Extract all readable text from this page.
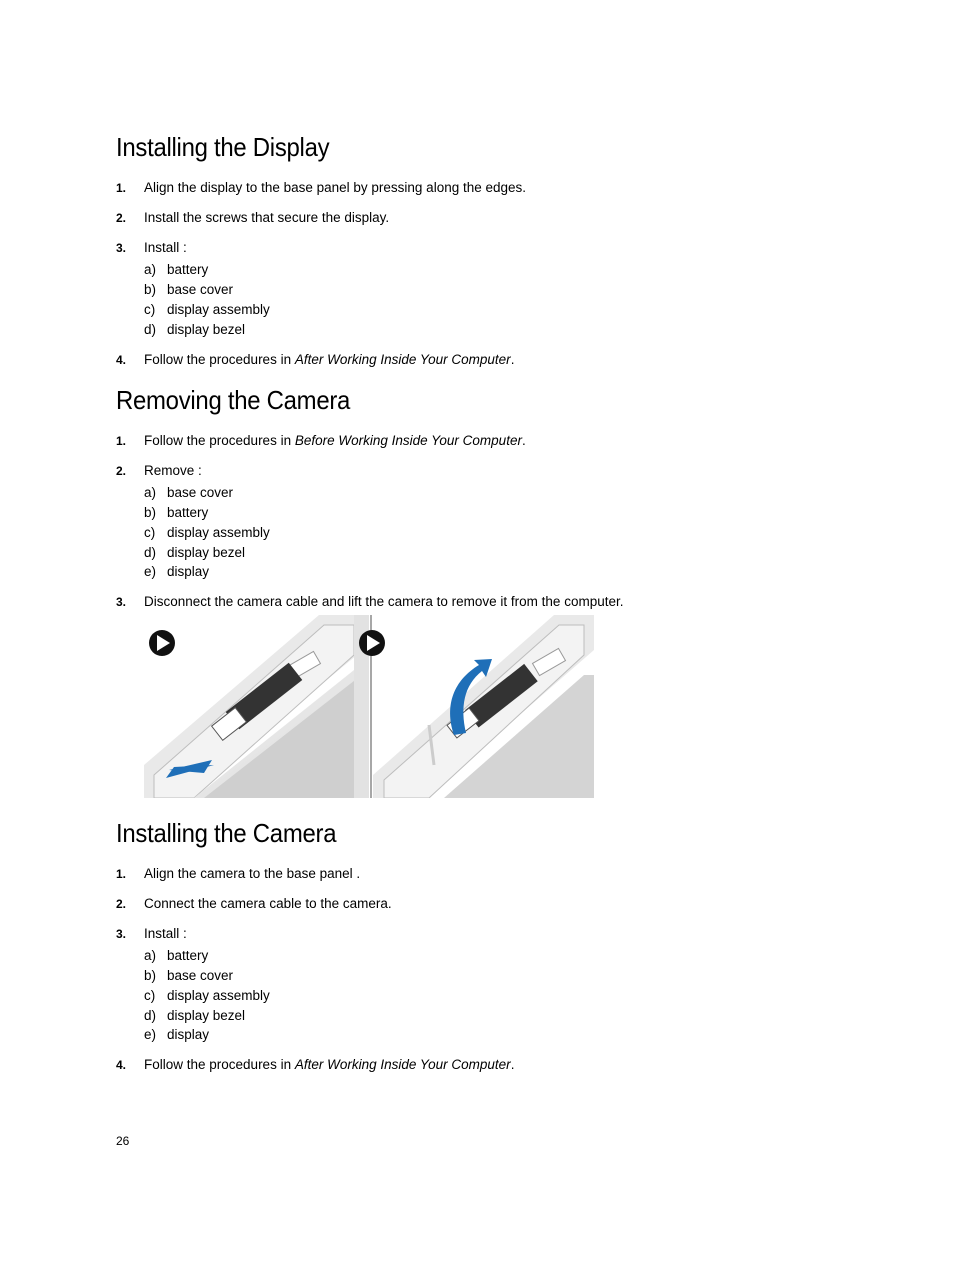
Installing the Display
1. Align the display to the base panel by pressing along the edges.
2. Install the screws that secure the display.
3. Install :
a) battery
b) base cover
c) display assembly
d) display bezel
4. Follow the procedures in After Working Inside Your Computer.
Removing the Camera
1. Follow the procedures in Before Working Inside Your Computer.
2. Remove :
a) base cover
b) battery
c) display assembly
d) display bezel
e) display
3. Disconnect the camera cable and lift the camera to remove it from the computer.
Installing the Camera
1. Align the camera to the base panel .
2. Connect the camera cable to the camera.
3. Install :
a) battery
b) base cover
c) display assembly
d) display bezel
e) display
4. Follow the procedures in After Working Inside Your Computer.
26
